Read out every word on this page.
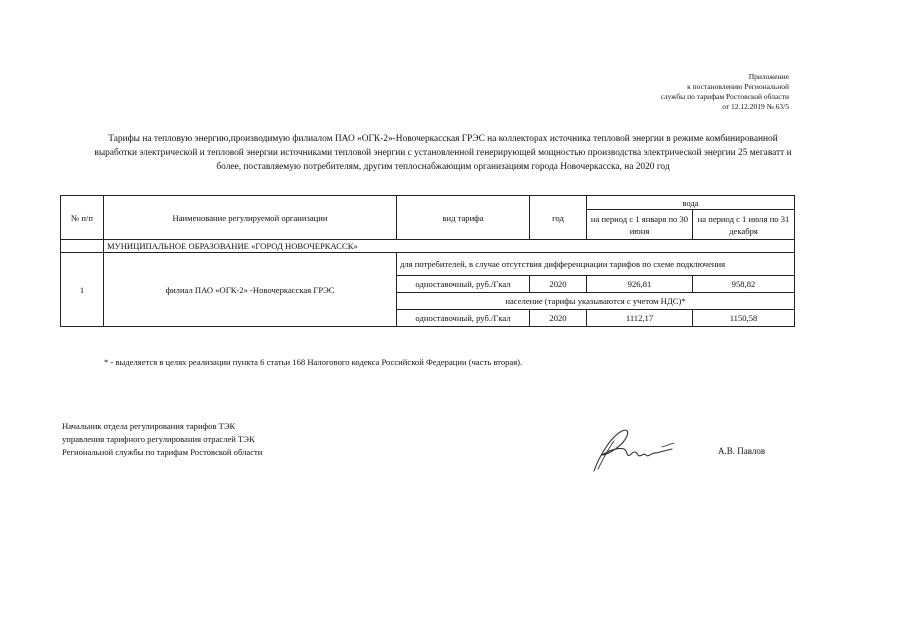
Приложение
к постановлению Региональной
службы по тарифам Ростовской области
от 12.12.2019 № 63/5
Тарифы на тепловую энергию,производимую филиалом ПАО «ОГК-2»-Новочеркасская ГРЭС на коллекторах источника тепловой энергии в режиме комбинированной выработки электрической и тепловой энергии источниками тепловой энергии с установленной генерирующей мощностью производства электрической энергии 25 мегаватт и более, поставляемую потребителям, другим теплоснабжающим организациям города Новочеркасска, на 2020 год
№ п/п	Наименование регулируемой организации	вид тарифа	год	вода	
				на период с 1 января по 30 июня	на период с 1 июля по 31 декабря
	МУНИЦИПАЛЬНОЕ ОБРАЗОВАНИЕ «ГОРОД НОВОЧЕРКАССК»				
1	филиал ПАО «ОГК-2» -Новочеркасская ГРЭС	для потребителей, в случае отсутствия дифференциации тарифов по схеме подключения			
		одноставочный, руб./Гкал	2020	926,81	958,82
		население (тарифы указываются с учетом НДС)*			
		одноставочный, руб./Гкал	2020	1112,17	1150,58
* - выделяется в целях реализации пункта 6 статьи 168 Налогового кодекса Российской Федерации (часть вторая).
Начальник отдела регулирования тарифов ТЭК
управления тарифного регулирования отраслей ТЭК
Региональной службы по тарифам Ростовской области	А.В. Павлов
